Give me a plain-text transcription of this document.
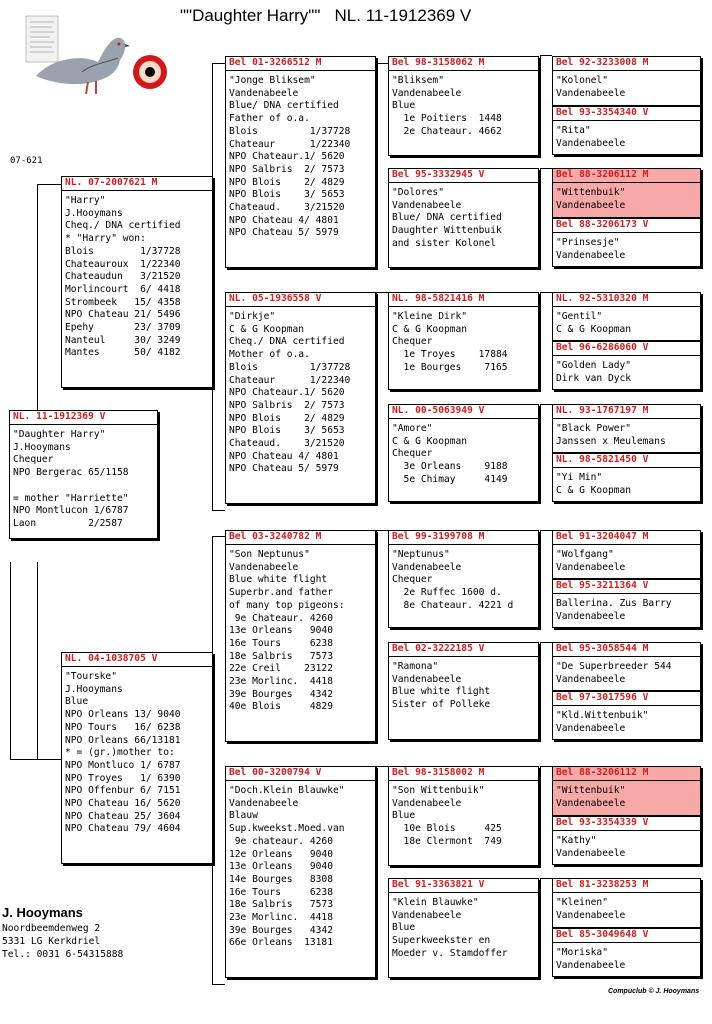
""Daughter Harry""   NL. 11-1912369 V
07-621
NL. 11-1912369 V
"Daughter Harry"
J.Hooymans
Chequer
NPO Bergerac 65/1158
= mother "Harriette"
NPO Montlucon 1/6787
Laon         2/2587
NL. 07-2007621 M
"Harry"
J.Hooymans
Cheq./ DNA certified
* "Harry" won:
Blois        1/37728
Chateauroux  1/22340
Chateaudun   3/21520
Morlincourt  6/ 4418
Strombeek   15/ 4358
NPO Chateau 21/ 5496
Epehy       23/ 3709
Nanteul     30/ 3249
Mantes      50/ 4182
NL. 04-1038705 V
"Tourske"
J.Hooymans
Blue
NPO Orleans 13/ 9040
NPO Tours   16/ 6238
NPO Orleans 66/13181
* = (gr.)mother to:
NPO Montluco 1/ 6787
NPO Troyes   1/ 6390
NPO Offenbur 6/ 7151
NPO Chateau 16/ 5620
NPO Chateau 25/ 3604
NPO Chateau 79/ 4604
Bel 01-3266512 M
"Jonge Bliksem"
Vandenabeele
Blue/ DNA certified
Father of o.a.
Blois         1/37728
Chateaur      1/22340
NPO Chateaur.1/ 5620
NPO Salbris  2/ 7573
NPO Blois    2/ 4829
NPO Blois    3/ 5653
Chateaud.    3/21520
NPO Chateau 4/ 4801
NPO Chateau 5/ 5979
NL. 05-1936558 V
"Dirkje"
C & G Koopman
Cheq./ DNA certified
Mother of o.a.
Blois         1/37728
Chateaur      1/22340
NPO Chateaur.1/ 5620
NPO Salbris  2/ 7573
NPO Blois    2/ 4829
NPO Blois    3/ 5653
Chateaud.    3/21520
NPO Chateau 4/ 4801
NPO Chateau 5/ 5979
Bel 03-3240782 M
"Son Neptunus"
Vandenabeele
Blue white flight
Superbr.and father
of many top pigeons:
9e Chateaur. 4260
13e Orleans   9040
16e Tours     6238
18e Salbris   7573
22e Creil    23122
23e Morlinc.  4418
39e Bourges   4342
40e Blois     4829
Bel 00-3200794 V
"Doch.Klein Blauwke"
Vandenabeele
Blauw
Sup.kweekst.Moed.van
9e chateaur. 4260
12e Orleans   9040
13e Orleans   9040
14e Bourges   8308
16e Tours     6238
18e Salbris   7573
23e Morlinc.  4418
39e Bourges   4342
66e Orleans  13181
Bel 98-3158062 M
"Bliksem"
Vandenabeele
Blue
1e Poitiers  1448
2e Chateaur. 4662
Bel 95-3332945 V
"Dolores"
Vandenabeele
Blue/ DNA certified
Daughter Wittenbuik
and sister Kolonel
NL. 98-5821416 M
"Kleine Dirk"
C & G Koopman
Chequer
1e Troyes    17884
1e Bourges    7165
NL. 00-5063949 V
"Amore"
C & G Koopman
Chequer
3e Orleans    9188
5e Chimay     4149
Bel 99-3199708 M
"Neptunus"
Vandenabeele
Chequer
2e Ruffec 1600 d.
8e Chateaur. 4221 d
Bel 02-3222185 V
"Ramona"
Vandenabeele
Blue white flight
Sister of Polleke
Bel 98-3158002 M
"Son Wittenbuik"
Vandenabeele
Blue
10e Blois     425
18e Clermont  749
Bel 91-3363821 V
"Klein Blauwke"
Vandenabeele
Blue
Superkweekster en
Moeder v. Stamdoffer
Bel 92-3233008 M
"Kolonel"
Vandenabeele
Bel 93-3354340 V
"Rita"
Vandenabeele
Bel 88-3206112 M
"Wittenbuik"
Vandenabeele
Bel 88-3206173 V
"Prinsesje"
Vandenabeele
NL. 92-5310320 M
"Gentil"
C & G Koopman
Bel 96-6286060 V
"Golden Lady"
Dirk van Dyck
NL. 93-1767197 M
"Black Power"
Janssen x Meulemans
NL. 98-5821450 V
"Yi Min"
C & G Koopman
Bel 91-3204047 M
"Wolfgang"
Vandenabeele
Bel 95-3211364 V
Ballerina. Zus Barry
Vandenabeele
Bel 95-3058544 M
"De Superbreeder 544
Vandenabeele
Bel 97-3017596 V
"Kld.Wittenbuik"
Vandenabeele
Bel 88-3206112 M
"Wittenbuik"
Vandenabeele
Bel 93-3354339 V
"Kathy"
Vandenabeele
Bel 81-3238253 M
"Kleinen"
Vandenabeele
Bel 85-3049648 V
"Moriska"
Vandenabeele
J. Hooymans
Noordbeemdenweg 2
5331 LG Kerkdriel
Tel.: 0031 6-54315888
Compuclub © J. Hooymans
